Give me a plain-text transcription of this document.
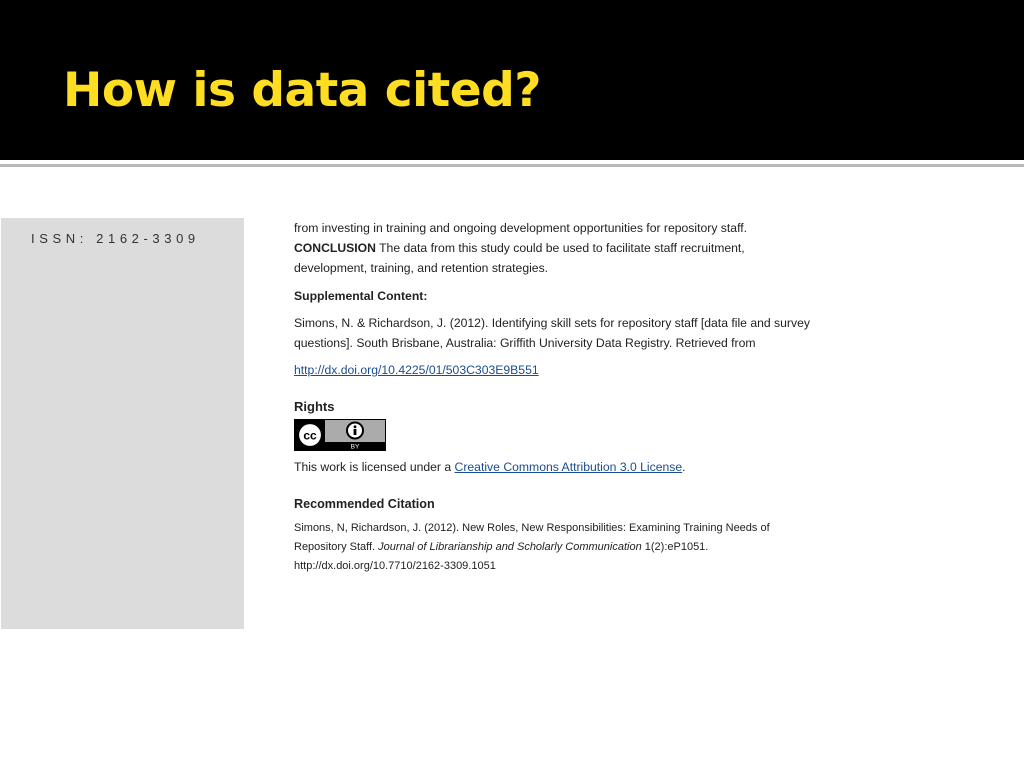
How is data cited?
ISSN: 2162-3309

from investing in training and ongoing development opportunities for repository staff.

CONCLUSION The data from this study could be used to facilitate staff recruitment, development, training, and retention strategies.

Supplemental Content:

Simons, N. & Richardson, J. (2012). Identifying skill sets for repository staff [data file and survey questions]. South Brisbane, Australia: Griffith University Data Registry. Retrieved from

http://dx.doi.org/10.4225/01/503C303E9B551

Rights

cc
BY

This work is licensed under a Creative Commons Attribution 3.0 License.

Recommended Citation

Simons, N, Richardson, J. (2012). New Roles, New Responsibilities: Examining Training Needs of Repository Staff. Journal of Librarianship and Scholarly Communication 1(2):eP1051.
http://dx.doi.org/10.7710/2162-3309.1051
